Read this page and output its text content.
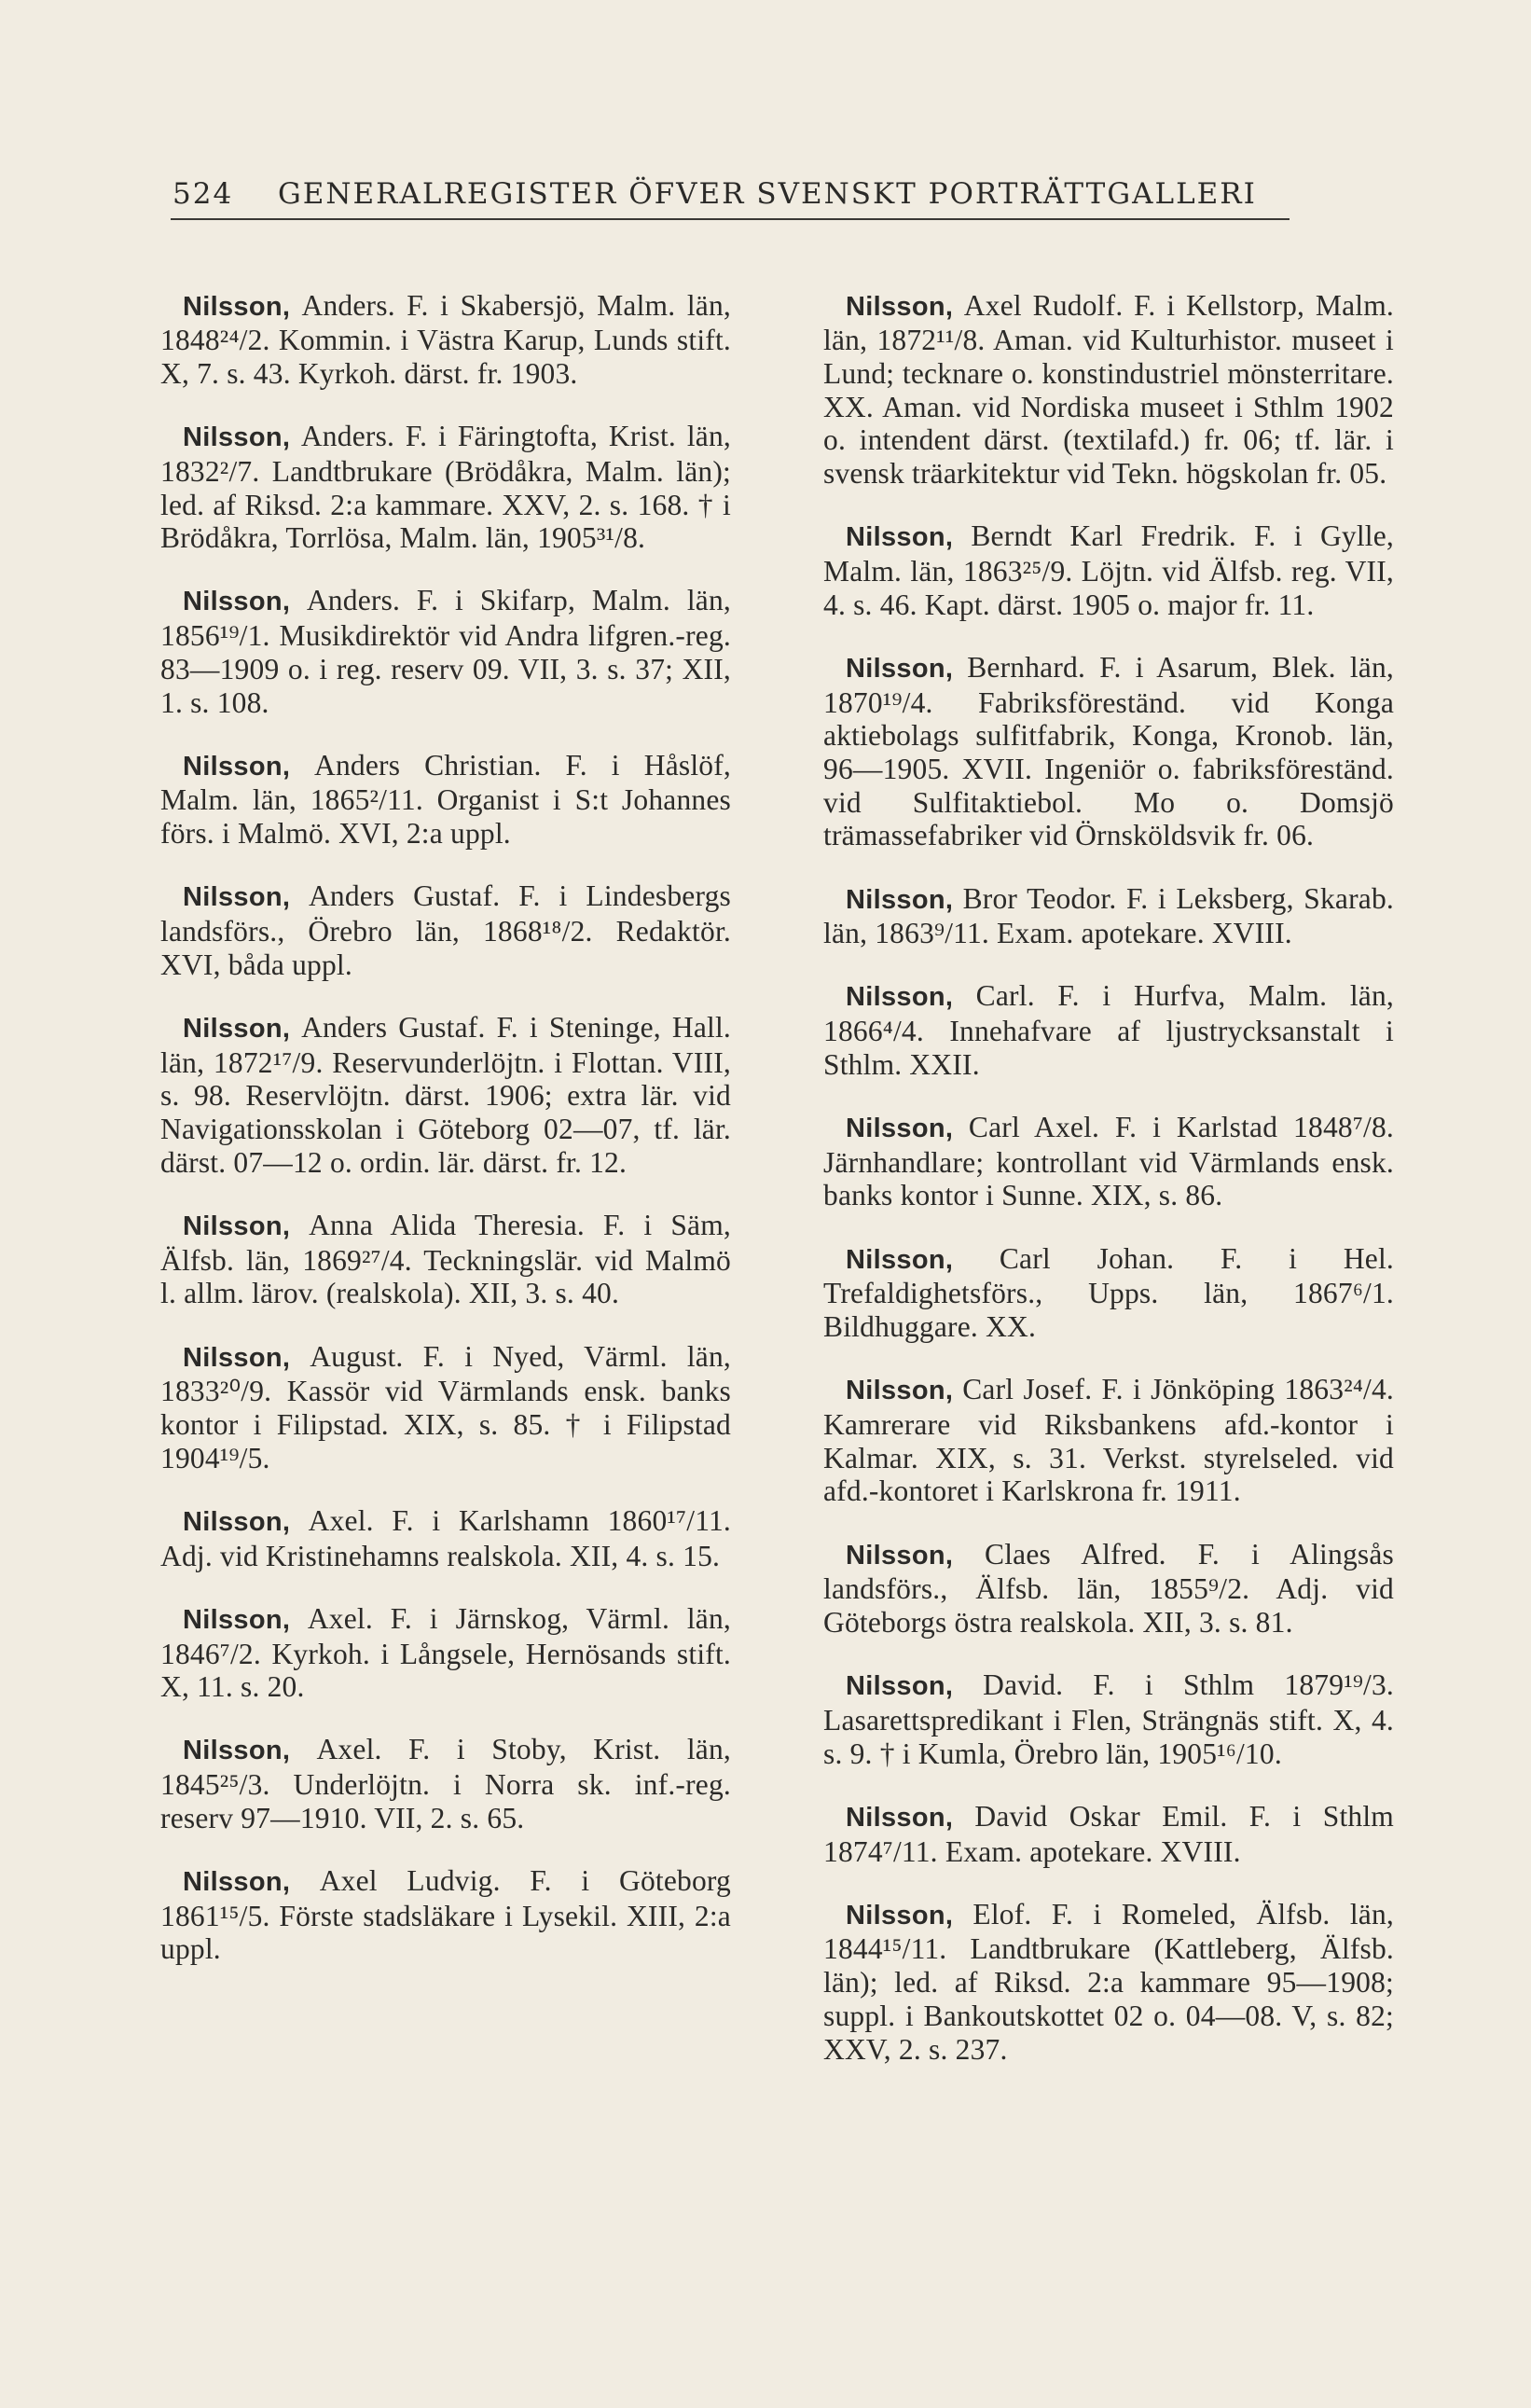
524 GENERALREGISTER ÖFVER SVENSKT PORTRÄTTGALLERI

Nilsson, Anders. F. i Skabersjö, Malm. län, 1848²⁴/2. Kommin. i Västra Karup, Lunds stift. X, 7. s. 43. Kyrkoh. därst. fr. 1903.

Nilsson, Anders. F. i Färingtofta, Krist. län, 1832²/7. Landtbrukare (Brödåkra, Malm. län); led. af Riksd. 2:a kammare. XXV, 2. s. 168. † i Brödåkra, Torrlösa, Malm. län, 1905³¹/8.

Nilsson, Anders. F. i Skifarp, Malm. län, 1856¹⁹/1. Musikdirektör vid Andra lifgren.-reg. 83—1909 o. i reg. reserv 09. VII, 3. s. 37; XII, 1. s. 108.

Nilsson, Anders Christian. F. i Håslöf, Malm. län, 1865²/11. Organist i S:t Johannes förs. i Malmö. XVI, 2:a uppl.

Nilsson, Anders Gustaf. F. i Lindesbergs landsförs., Örebro län, 1868¹⁸/2. Redaktör. XVI, båda uppl.

Nilsson, Anders Gustaf. F. i Steninge, Hall. län, 1872¹⁷/9. Reservunderlöjtn. i Flottan. VIII, s. 98. Reservlöjtn. därst. 1906; extra lär. vid Navigationsskolan i Göteborg 02—07, tf. lär. därst. 07—12 o. ordin. lär. därst. fr. 12.

Nilsson, Anna Alida Theresia. F. i Säm, Älfsb. län, 1869²⁷/4. Teckningslär. vid Malmö l. allm. lärov. (realskola). XII, 3. s. 40.

Nilsson, August. F. i Nyed, Värml. län, 1833²⁰/9. Kassör vid Värmlands ensk. banks kontor i Filipstad. XIX, s. 85. † i Filipstad 1904¹⁹/5.

Nilsson, Axel. F. i Karlshamn 1860¹⁷/11. Adj. vid Kristinehamns realskola. XII, 4. s. 15.

Nilsson, Axel. F. i Järnskog, Värml. län, 1846⁷/2. Kyrkoh. i Långsele, Hernösands stift. X, 11. s. 20.

Nilsson, Axel. F. i Stoby, Krist. län, 1845²⁵/3. Underlöjtn. i Norra sk. inf.-reg. reserv 97—1910. VII, 2. s. 65.

Nilsson, Axel Ludvig. F. i Göteborg 1861¹⁵/5. Förste stadsläkare i Lysekil. XIII, 2:a uppl.

Nilsson, Axel Rudolf. F. i Kellstorp, Malm. län, 1872¹¹/8. Aman. vid Kulturhistor. museet i Lund; tecknare o. konstindustriel mönsterritare. XX. Aman. vid Nordiska museet i Sthlm 1902 o. intendent därst. (textilafd.) fr. 06; tf. lär. i svensk träarkitektur vid Tekn. högskolan fr. 05.

Nilsson, Berndt Karl Fredrik. F. i Gylle, Malm. län, 1863²⁵/9. Löjtn. vid Älfsb. reg. VII, 4. s. 46. Kapt. därst. 1905 o. major fr. 11.

Nilsson, Bernhard. F. i Asarum, Blek. län, 1870¹⁹/4. Fabriksföreständ. vid Konga aktiebolags sulfitfabrik, Konga, Kronob. län, 96—1905. XVII. Ingeniör o. fabriksföreständ. vid Sulfitaktiebol. Mo o. Domsjö trämassefabriker vid Örnsköldsvik fr. 06.

Nilsson, Bror Teodor. F. i Leksberg, Skarab. län, 1863⁹/11. Exam. apotekare. XVIII.

Nilsson, Carl. F. i Hurfva, Malm. län, 1866⁴/4. Innehafvare af ljustrycksanstalt i Sthlm. XXII.

Nilsson, Carl Axel. F. i Karlstad 1848⁷/8. Järnhandlare; kontrollant vid Värmlands ensk. banks kontor i Sunne. XIX, s. 86.

Nilsson, Carl Johan. F. i Hel. Trefaldighetsförs., Upps. län, 1867⁶/1. Bildhuggare. XX.

Nilsson, Carl Josef. F. i Jönköping 1863²⁴/4. Kamrerare vid Riksbankens afd.-kontor i Kalmar. XIX, s. 31. Verkst. styrelseled. vid afd.-kontoret i Karlskrona fr. 1911.

Nilsson, Claes Alfred. F. i Alingsås landsförs., Älfsb. län, 1855⁹/2. Adj. vid Göteborgs östra realskola. XII, 3. s. 81.

Nilsson, David. F. i Sthlm 1879¹⁹/3. Lasarettspredikant i Flen, Strängnäs stift. X, 4. s. 9. † i Kumla, Örebro län, 1905¹⁶/10.

Nilsson, David Oskar Emil. F. i Sthlm 1874⁷/11. Exam. apotekare. XVIII.

Nilsson, Elof. F. i Romeled, Älfsb. län, 1844¹⁵/11. Landtbrukare (Kattleberg, Älfsb. län); led. af Riksd. 2:a kammare 95—1908; suppl. i Bankoutskottet 02 o. 04—08. V, s. 82; XXV, 2. s. 237.
